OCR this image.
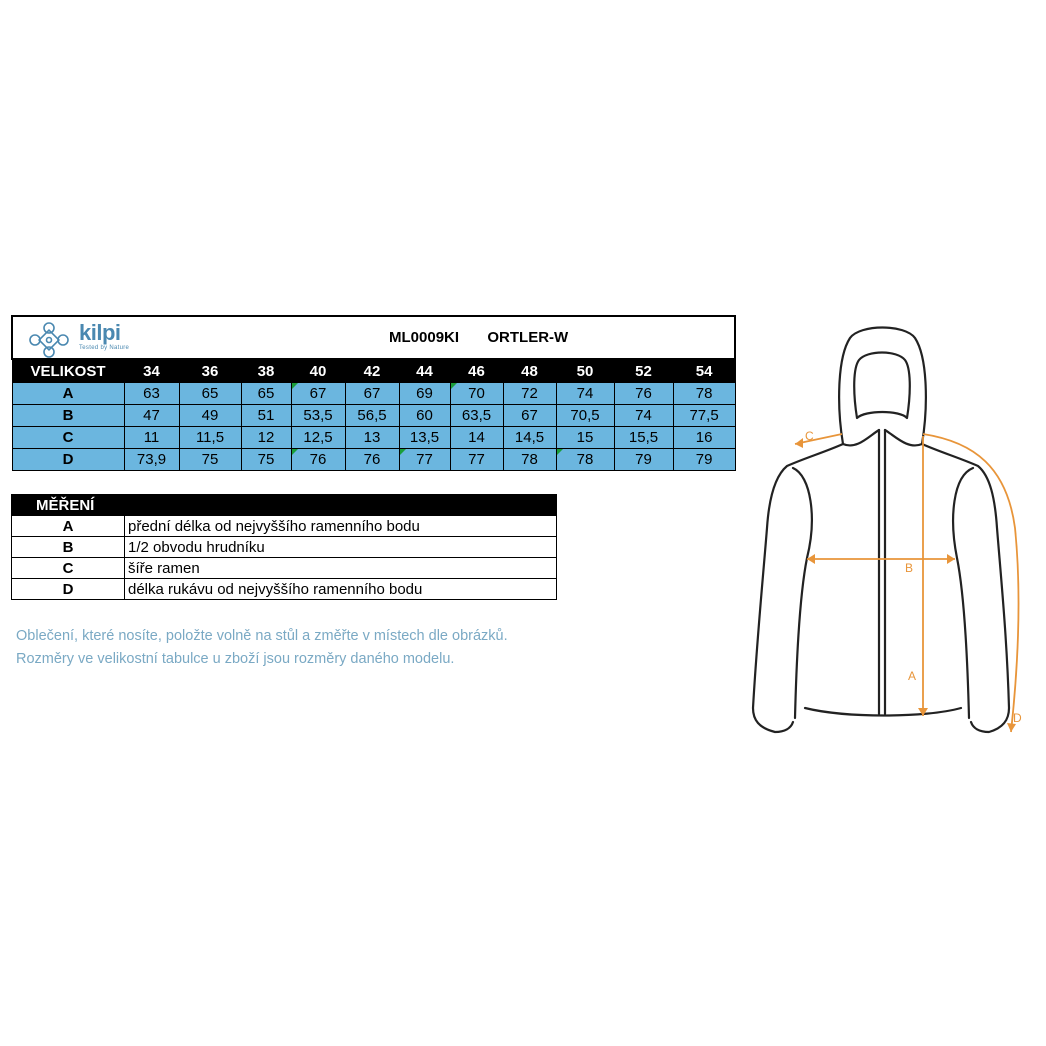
kilpi
Tested by Nature			ML0009KI ORTLER-W								
VELIKOST	34	36	38	40	42	44	46	48	50	52	54
A	63	65	65	67	67	69	70	72	74	76	78
B	47	49	51	53,5	56,5	60	63,5	67	70,5	74	77,5
C	11	11,5	12	12,5	13	13,5	14	14,5	15	15,5	16
D	73,9	75	75	76	76	77	77	78	78	79	79
MĚŘENÍ	
A	přední délka od nejvyššího ramenního bodu
B	1/2 obvodu hrudníku
C	šíře ramen
D	délka rukávu od nejvyššího ramenního bodu
Oblečení, které nosíte, položte volně na stůl a změřte v místech dle obrázků.
Rozměry ve velikostní tabulce u zboží jsou rozměry daného modelu.
C
B
A
D
